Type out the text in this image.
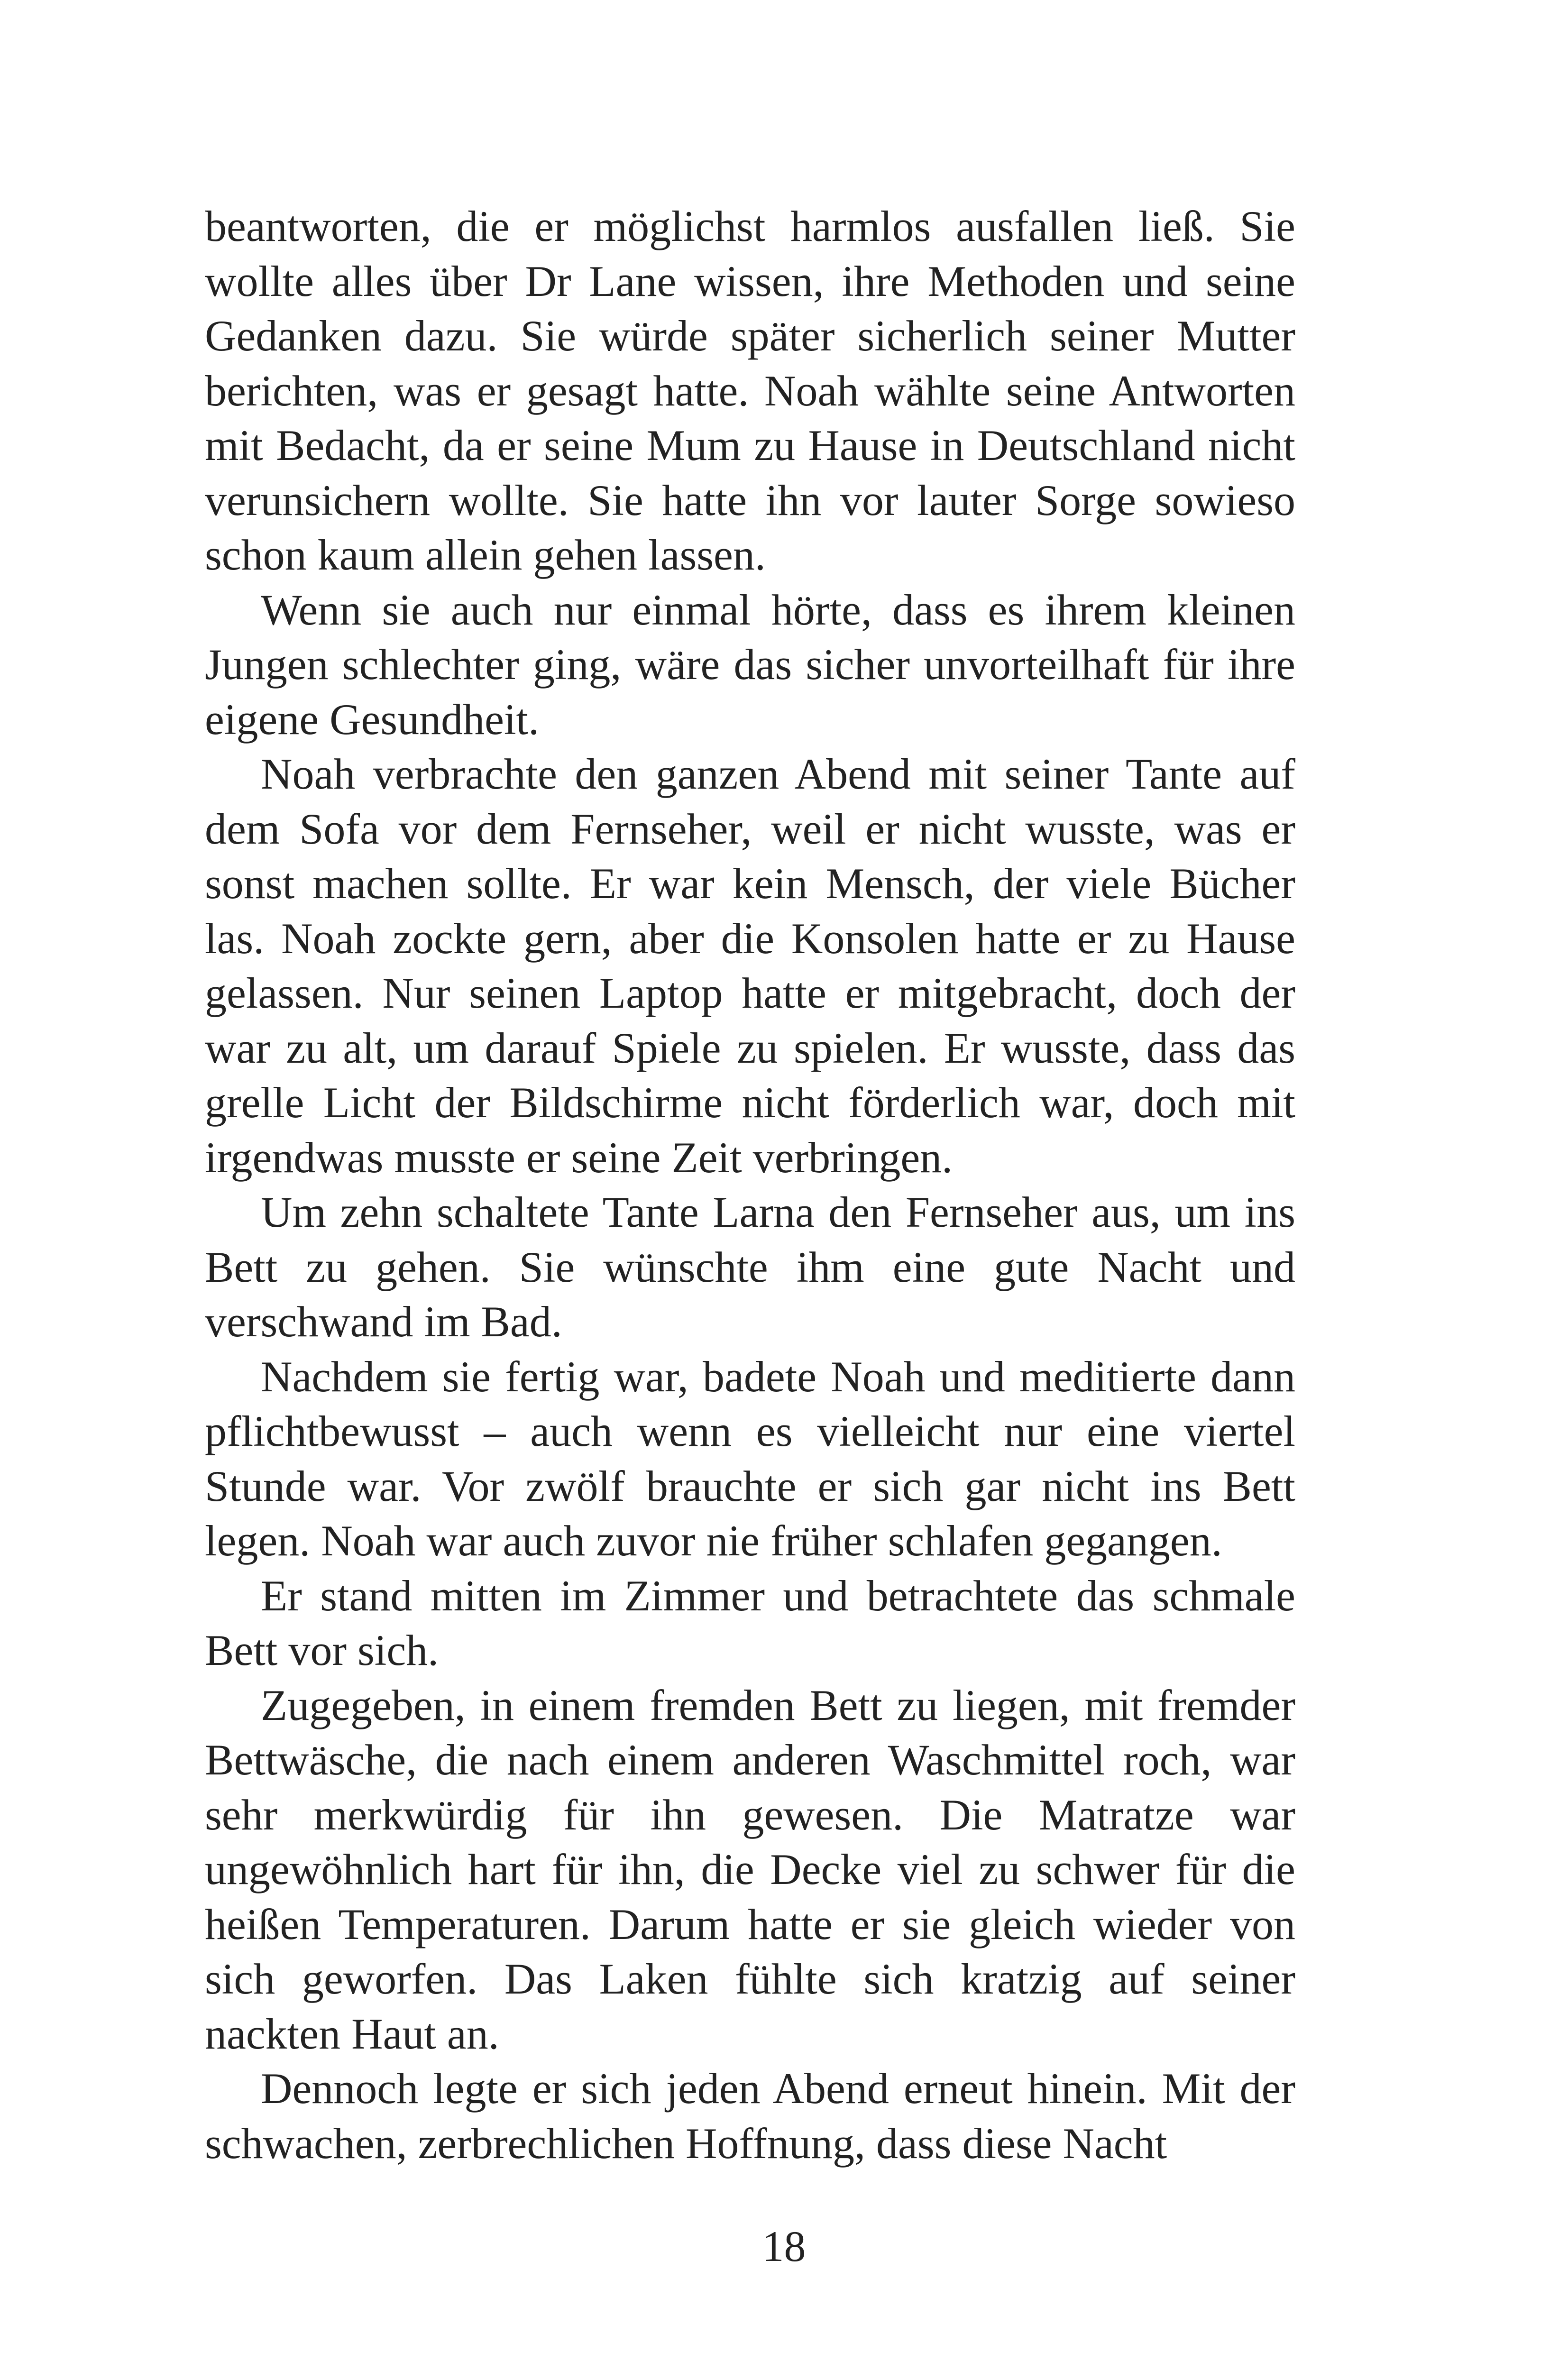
beantworten, die er möglichst harmlos ausfallen ließ. Sie wollte alles über Dr Lane wissen, ihre Methoden und seine Gedanken dazu. Sie würde später sicherlich seiner Mutter berichten, was er gesagt hatte. Noah wählte seine Antworten mit Bedacht, da er seine Mum zu Hause in Deutschland nicht verunsichern wollte. Sie hatte ihn vor lauter Sorge sowieso schon kaum allein gehen lassen.

Wenn sie auch nur einmal hörte, dass es ihrem kleinen Jungen schlechter ging, wäre das sicher unvorteilhaft für ihre eigene Gesundheit.

Noah verbrachte den ganzen Abend mit seiner Tante auf dem Sofa vor dem Fernseher, weil er nicht wusste, was er sonst machen sollte. Er war kein Mensch, der viele Bücher las. Noah zockte gern, aber die Konsolen hatte er zu Hause gelassen. Nur seinen Laptop hatte er mitgebracht, doch der war zu alt, um darauf Spiele zu spielen. Er wusste, dass das grelle Licht der Bildschirme nicht förderlich war, doch mit irgendwas musste er seine Zeit verbringen.

Um zehn schaltete Tante Larna den Fernseher aus, um ins Bett zu gehen. Sie wünschte ihm eine gute Nacht und verschwand im Bad.

Nachdem sie fertig war, badete Noah und meditierte dann pflichtbewusst – auch wenn es vielleicht nur eine viertel Stunde war. Vor zwölf brauchte er sich gar nicht ins Bett legen. Noah war auch zuvor nie früher schlafen gegangen.

Er stand mitten im Zimmer und betrachtete das schmale Bett vor sich.

Zugegeben, in einem fremden Bett zu liegen, mit fremder Bettwäsche, die nach einem anderen Waschmittel roch, war sehr merkwürdig für ihn gewesen. Die Matratze war ungewöhnlich hart für ihn, die Decke viel zu schwer für die heißen Temperaturen. Darum hatte er sie gleich wieder von sich geworfen. Das Laken fühlte sich kratzig auf seiner nackten Haut an.

Dennoch legte er sich jeden Abend erneut hinein. Mit der schwachen, zerbrechlichen Hoffnung, dass diese Nacht

18
